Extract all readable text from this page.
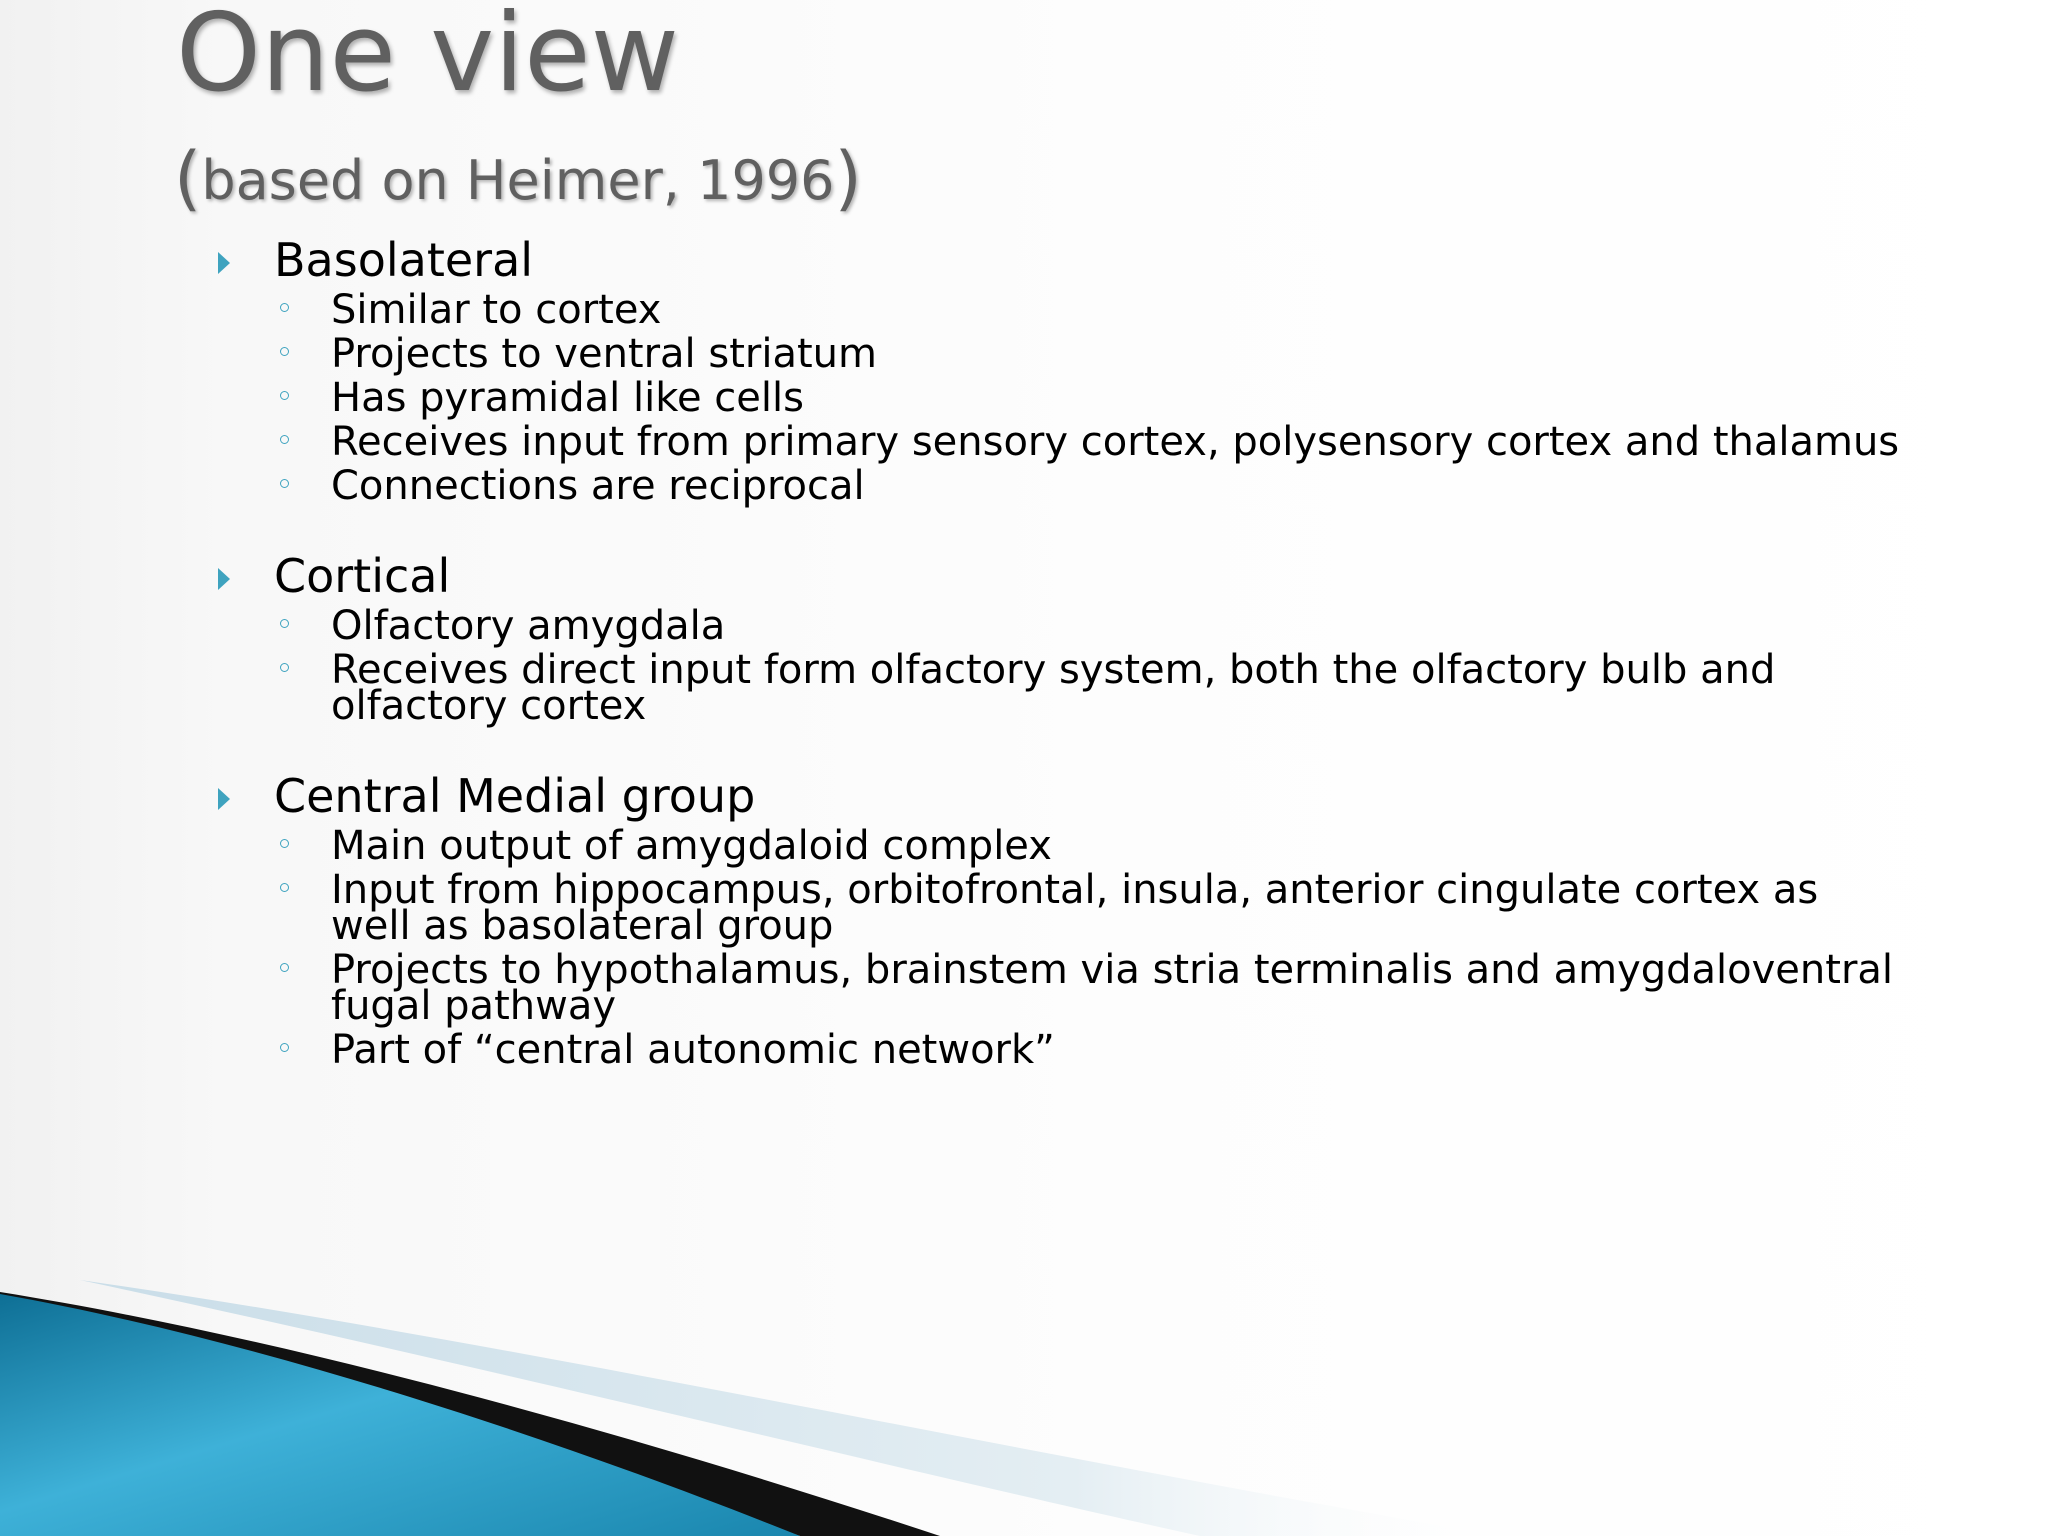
One view
(based on Heimer, 1996)
Basolateral
Similar to cortex
Projects to ventral striatum
Has pyramidal like cells
Receives input from primary sensory cortex, polysensory cortex and thalamus
Connections are reciprocal
Cortical
Olfactory amygdala
Receives direct input form olfactory system, both the olfactory bulb and olfactory cortex
Central Medial group
Main output of amygdaloid complex
Input from hippocampus, orbitofrontal, insula, anterior cingulate cortex as well as basolateral group
Projects to hypothalamus, brainstem via stria terminalis and amygdaloventral fugal pathway
Part of “central autonomic network”
